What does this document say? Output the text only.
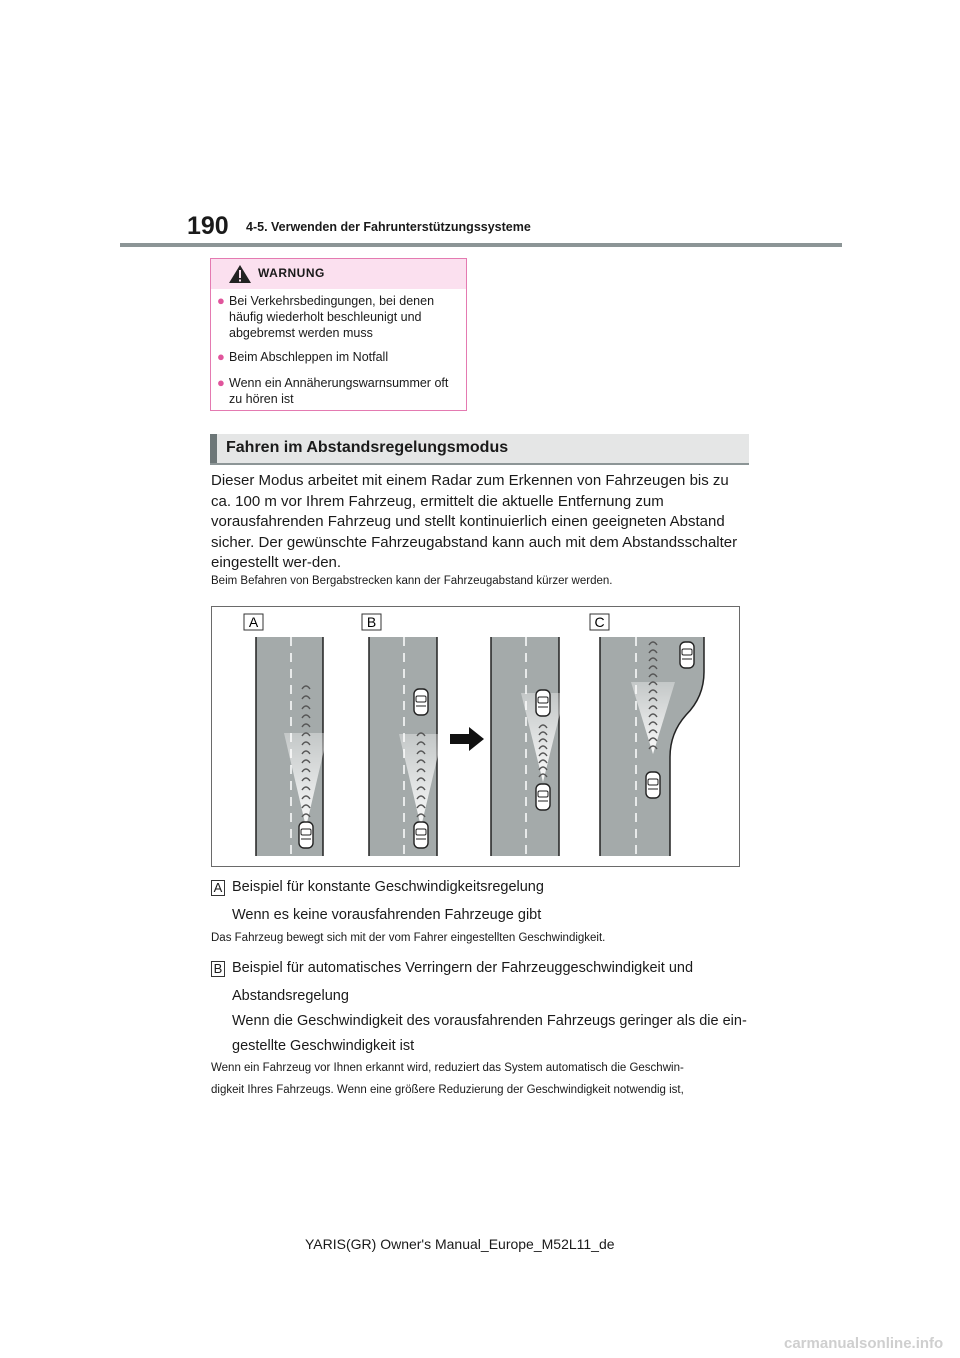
190 4-5. Verwenden der Fahrunterstützungssysteme
WARNUNG
● Bei Verkehrsbedingungen, bei denen häufig wiederholt beschleunigt und abgebremst werden muss
● Beim Abschleppen im Notfall
● Wenn ein Annäherungswarnsummer oft zu hören ist
Fahren im Abstandsregelungsmodus
Dieser Modus arbeitet mit einem Radar zum Erkennen von Fahrzeugen bis zu ca. 100 m vor Ihrem Fahrzeug, ermittelt die aktuelle Entfernung zum vorausfahrenden Fahrzeug und stellt kontinuierlich einen geeigneten Abstand sicher. Der gewünschte Fahrzeugabstand kann auch mit dem Abstandsschalter eingestellt wer-den.
Beim Befahren von Bergabstrecken kann der Fahrzeugabstand kürzer werden.
A	B	C
A Beispiel für konstante Geschwindigkeitsregelung
Wenn es keine vorausfahrenden Fahrzeuge gibt
Das Fahrzeug bewegt sich mit der vom Fahrer eingestellten Geschwindigkeit.
B Beispiel für automatisches Verringern der Fahrzeuggeschwindigkeit und
Abstandsregelung
Wenn die Geschwindigkeit des vorausfahrenden Fahrzeugs geringer als die ein-
gestellte Geschwindigkeit ist
Wenn ein Fahrzeug vor Ihnen erkannt wird, reduziert das System automatisch die Geschwin-
digkeit Ihres Fahrzeugs. Wenn eine größere Reduzierung der Geschwindigkeit notwendig ist,
YARIS(GR) Owner's Manual_Europe_M52L11_de
carmanualsonline.info
